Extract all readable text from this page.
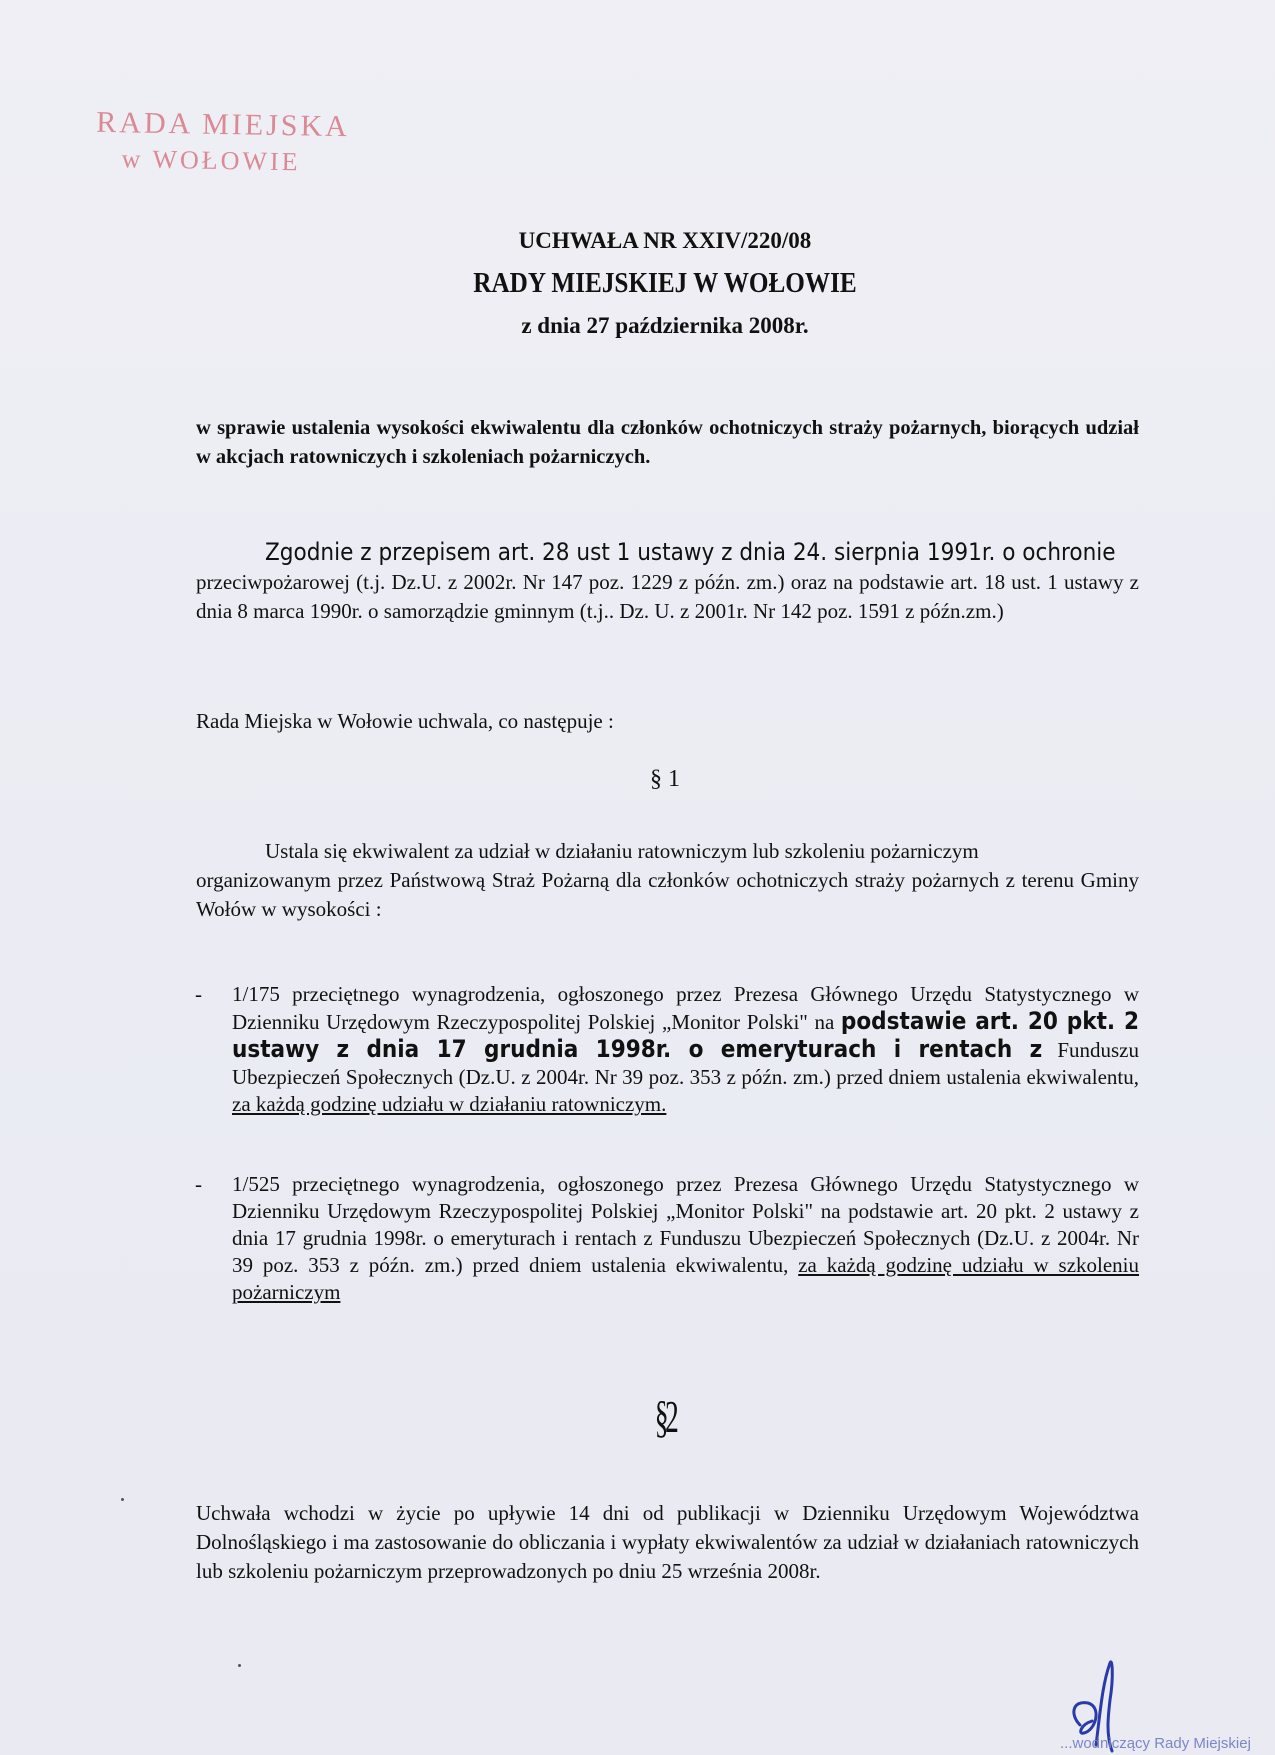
RADA MIEJSKA
w WOŁOWIE
UCHWAŁA NR XXIV/220/08
RADY MIEJSKIEJ W WOŁOWIE
z dnia 27 października 2008r.
w sprawie ustalenia wysokości ekwiwalentu dla członków ochotniczych straży pożarnych, biorących udział w akcjach ratowniczych i szkoleniach pożarniczych.
Zgodnie z przepisem art. 28 ust 1 ustawy z dnia 24. sierpnia 1991r. o ochronie
przeciwpożarowej (t.j. Dz.U. z 2002r. Nr 147 poz. 1229 z późn. zm.) oraz na podstawie art. 18 ust. 1 ustawy z dnia 8 marca 1990r. o samorządzie gminnym (t.j.. Dz. U. z 2001r. Nr 142 poz. 1591 z późn.zm.)
Rada Miejska w Wołowie uchwala, co następuje :
§ 1
Ustala się ekwiwalent za udział w działaniu ratowniczym lub szkoleniu pożarniczym
organizowanym przez Państwową Straż Pożarną dla członków ochotniczych straży pożarnych z terenu Gminy Wołów w wysokości :
- 1/175 przeciętnego wynagrodzenia, ogłoszonego przez Prezesa Głównego Urzędu Statystycznego w Dzienniku Urzędowym Rzeczypospolitej Polskiej „Monitor Polski" na podstawie art. 20 pkt. 2 ustawy z dnia 17 grudnia 1998r. o emeryturach i rentach z Funduszu Ubezpieczeń Społecznych (Dz.U. z 2004r. Nr 39 poz. 353 z późn. zm.) przed dniem ustalenia ekwiwalentu, za każdą godzinę udziału w działaniu ratowniczym.
- 1/525 przeciętnego wynagrodzenia, ogłoszonego przez Prezesa Głównego Urzędu Statystycznego w Dzienniku Urzędowym Rzeczypospolitej Polskiej „Monitor Polski" na podstawie art. 20 pkt. 2 ustawy z dnia 17 grudnia 1998r. o emeryturach i rentach z Funduszu Ubezpieczeń Społecznych (Dz.U. z 2004r. Nr 39 poz. 353 z późn. zm.) przed dniem ustalenia ekwiwalentu, za każdą godzinę udziału w szkoleniu pożarniczym
§2
Uchwała wchodzi w życie po upływie 14 dni od publikacji w Dzienniku Urzędowym Województwa Dolnośląskiego i ma zastosowanie do obliczania i wypłaty ekwiwalentów za udział w działaniach ratowniczych lub szkoleniu pożarniczym przeprowadzonych po dniu 25 września 2008r.
...wodniczący Rady Miejskiej
